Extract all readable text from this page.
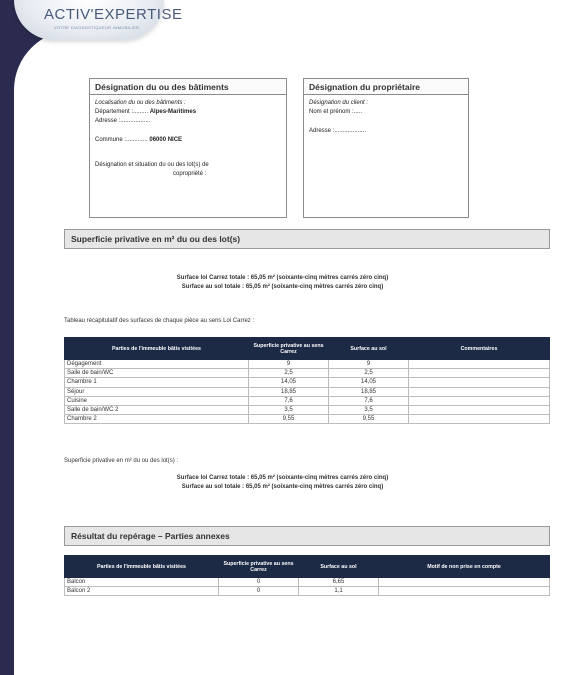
ACTIV'EXPERTISE
VOTRE DIAGNOSTIQUEUR IMMOBILIER
Désignation du ou des bâtiments
Localisation du ou des bâtiments :
Département :......... Alpes-Maritimes
Adresse :..................
Commune :............. 06000 NICE
Désignation et situation du ou des lot(s) de
copropriété :
Désignation du propriétaire
Désignation du client :
Nom et prénom :.....
Adresse :...................
Superficie privative en m² du ou des lot(s)
Surface loi Carrez totale : 65,05 m² (soixante-cinq mètres carrés zéro cinq)
Surface au sol totale : 65,05 m² (soixante-cinq mètres carrés zéro cinq)
Tableau récapitulatif des surfaces de chaque pièce au sens Loi Carrez :
Parties de l'immeuble bâtis visitées	Superficie privative au sens Carrez	Surface au sol	Commentaires
Dégagement	9	9	
Salle de bain/WC	2,5	2,5	
Chambre 1	14,05	14,05	
Séjour	18,85	18,85	
Cuisine	7,6	7,6	
Salle de bain/WC 2	3,5	3,5	
Chambre 2	9,55	9,55	
Superficie privative en m² du ou des lot(s) :
Surface loi Carrez totale : 65,05 m² (soixante-cinq mètres carrés zéro cinq)
Surface au sol totale : 65,05 m² (soixante-cinq mètres carrés zéro cinq)
Résultat du repérage – Parties annexes
Parties de l'immeuble bâtis visitées	Superficie privative au sens Carrez	Surface au sol	Motif de non prise en compte
Balcon	0	6,65	
Balcon 2	0	1,1	
